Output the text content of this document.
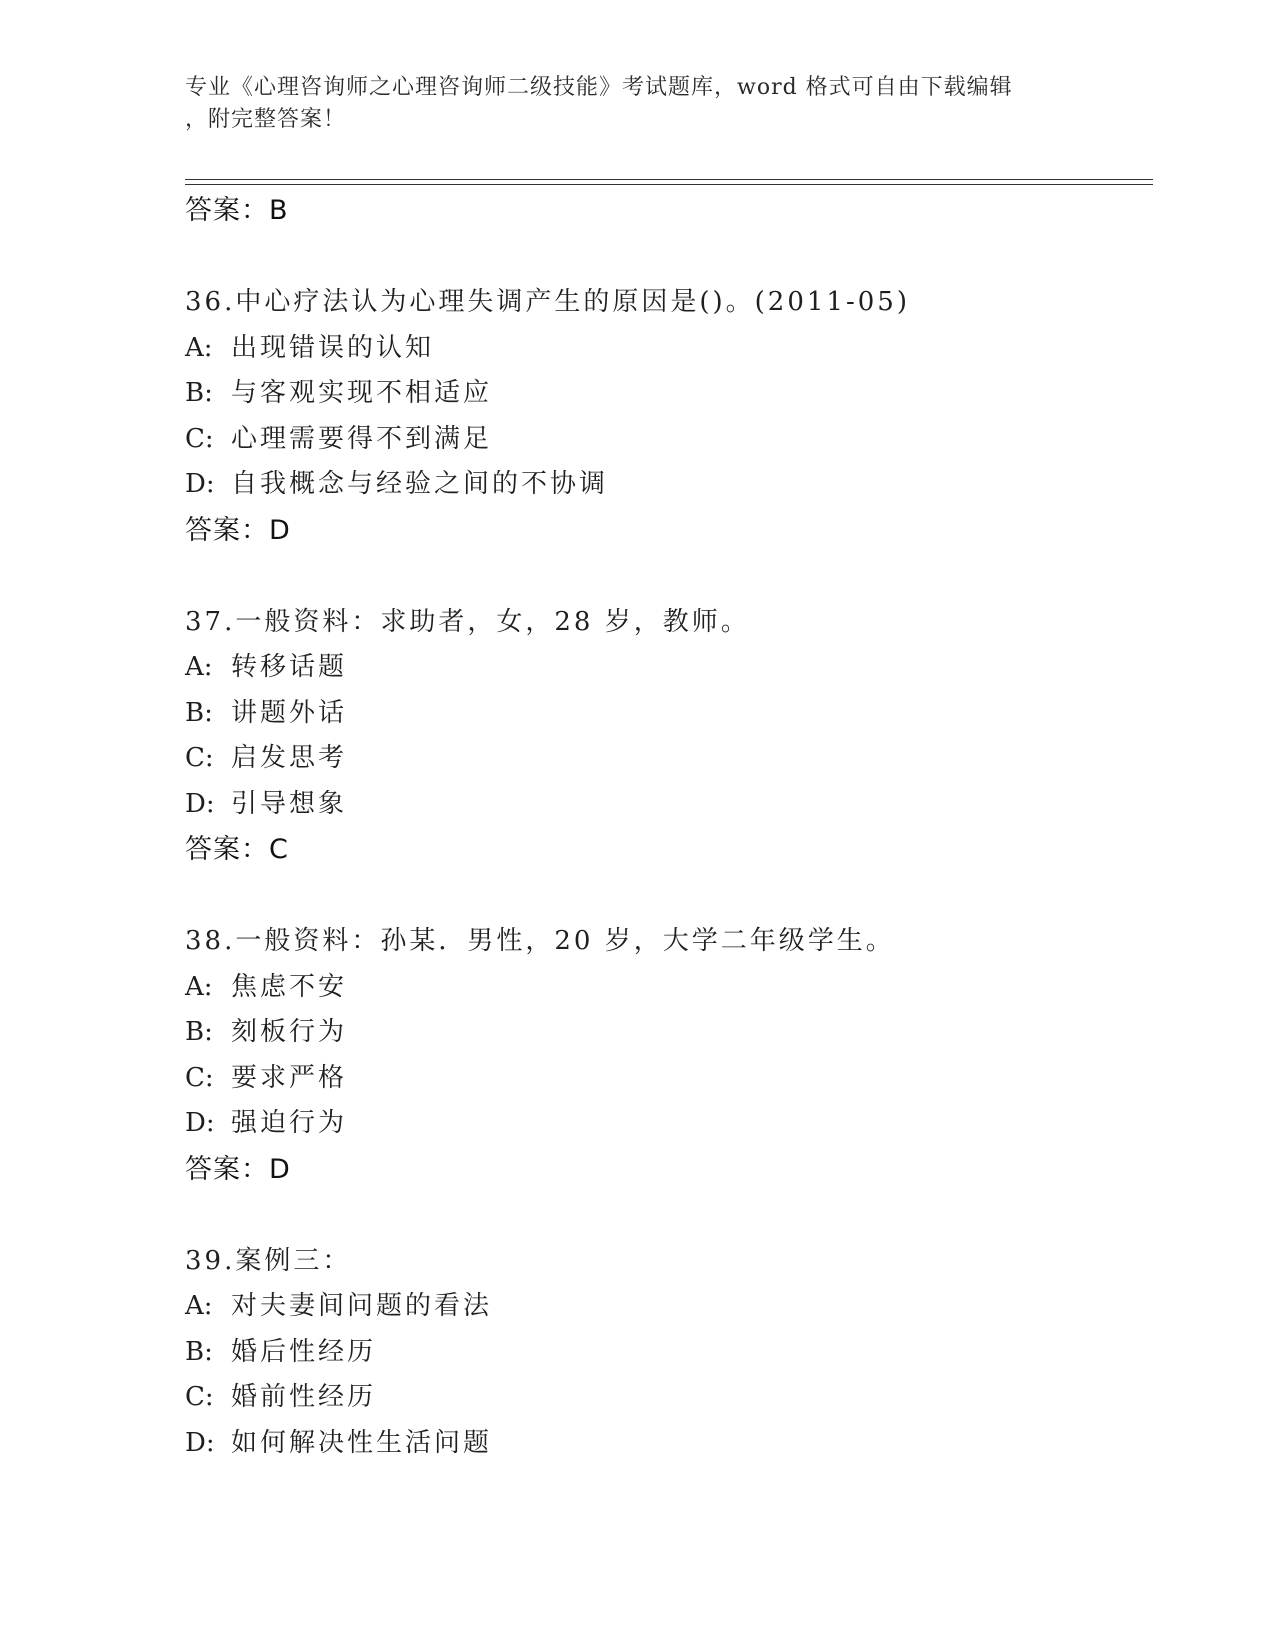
专业《心理咨询师之心理咨询师二级技能》考试题库，word 格式可自由下载编辑
，附完整答案！
答案：B
36.中心疗法认为心理失调产生的原因是()。(2011-05)
A: 出现错误的认知
B: 与客观实现不相适应
C: 心理需要得不到满足
D: 自我概念与经验之间的不协调
答案：D
37.一般资料：求助者，女，28 岁，教师。
A: 转移话题
B: 讲题外话
C: 启发思考
D: 引导想象
答案：C
38.一般资料：孙某．男性，20 岁，大学二年级学生。
A: 焦虑不安
B: 刻板行为
C: 要求严格
D: 强迫行为
答案：D
39.案例三：
A: 对夫妻间问题的看法
B: 婚后性经历
C: 婚前性经历
D: 如何解决性生活问题
